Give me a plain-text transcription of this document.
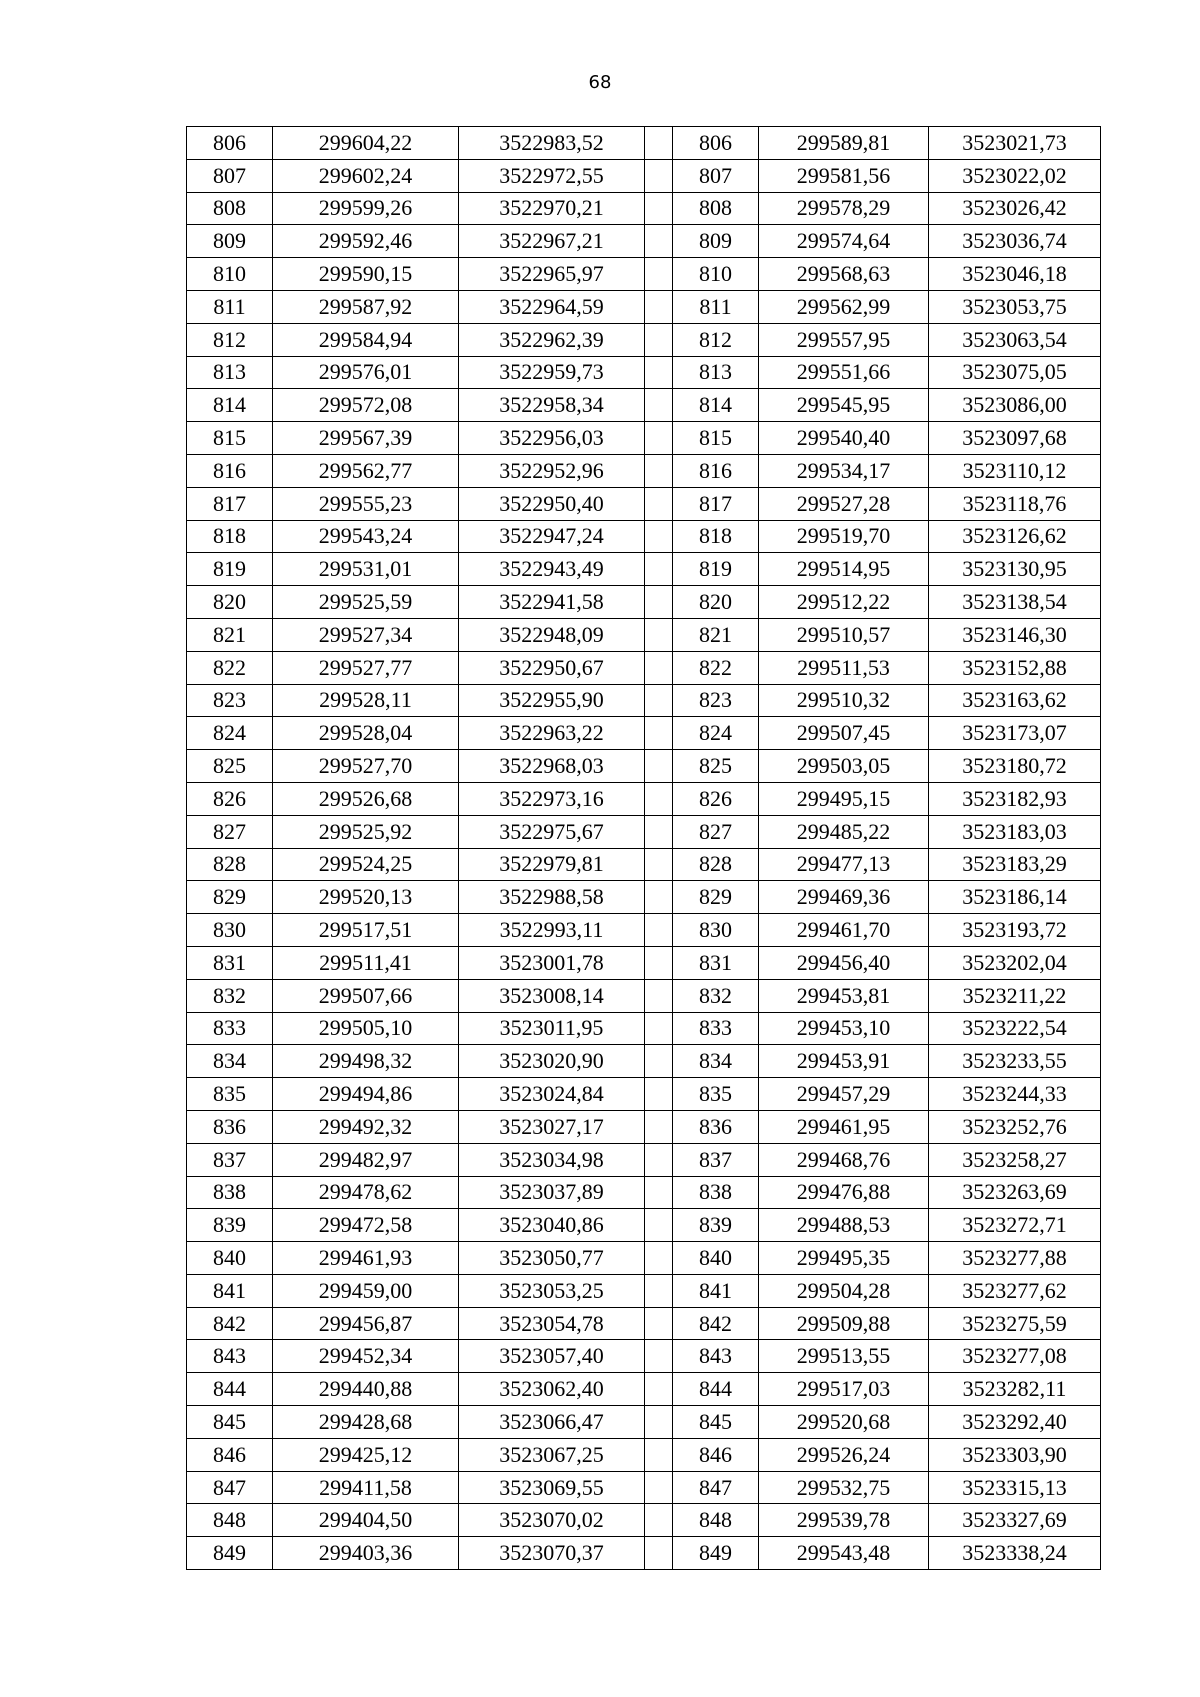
68
806	299604,22	3522983,52		806	299589,81	3523021,73
807	299602,24	3522972,55		807	299581,56	3523022,02
808	299599,26	3522970,21		808	299578,29	3523026,42
809	299592,46	3522967,21		809	299574,64	3523036,74
810	299590,15	3522965,97		810	299568,63	3523046,18
811	299587,92	3522964,59		811	299562,99	3523053,75
812	299584,94	3522962,39		812	299557,95	3523063,54
813	299576,01	3522959,73		813	299551,66	3523075,05
814	299572,08	3522958,34		814	299545,95	3523086,00
815	299567,39	3522956,03		815	299540,40	3523097,68
816	299562,77	3522952,96		816	299534,17	3523110,12
817	299555,23	3522950,40		817	299527,28	3523118,76
818	299543,24	3522947,24		818	299519,70	3523126,62
819	299531,01	3522943,49		819	299514,95	3523130,95
820	299525,59	3522941,58		820	299512,22	3523138,54
821	299527,34	3522948,09		821	299510,57	3523146,30
822	299527,77	3522950,67		822	299511,53	3523152,88
823	299528,11	3522955,90		823	299510,32	3523163,62
824	299528,04	3522963,22		824	299507,45	3523173,07
825	299527,70	3522968,03		825	299503,05	3523180,72
826	299526,68	3522973,16		826	299495,15	3523182,93
827	299525,92	3522975,67		827	299485,22	3523183,03
828	299524,25	3522979,81		828	299477,13	3523183,29
829	299520,13	3522988,58		829	299469,36	3523186,14
830	299517,51	3522993,11		830	299461,70	3523193,72
831	299511,41	3523001,78		831	299456,40	3523202,04
832	299507,66	3523008,14		832	299453,81	3523211,22
833	299505,10	3523011,95		833	299453,10	3523222,54
834	299498,32	3523020,90		834	299453,91	3523233,55
835	299494,86	3523024,84		835	299457,29	3523244,33
836	299492,32	3523027,17		836	299461,95	3523252,76
837	299482,97	3523034,98		837	299468,76	3523258,27
838	299478,62	3523037,89		838	299476,88	3523263,69
839	299472,58	3523040,86		839	299488,53	3523272,71
840	299461,93	3523050,77		840	299495,35	3523277,88
841	299459,00	3523053,25		841	299504,28	3523277,62
842	299456,87	3523054,78		842	299509,88	3523275,59
843	299452,34	3523057,40		843	299513,55	3523277,08
844	299440,88	3523062,40		844	299517,03	3523282,11
845	299428,68	3523066,47		845	299520,68	3523292,40
846	299425,12	3523067,25		846	299526,24	3523303,90
847	299411,58	3523069,55		847	299532,75	3523315,13
848	299404,50	3523070,02		848	299539,78	3523327,69
849	299403,36	3523070,37		849	299543,48	3523338,24
